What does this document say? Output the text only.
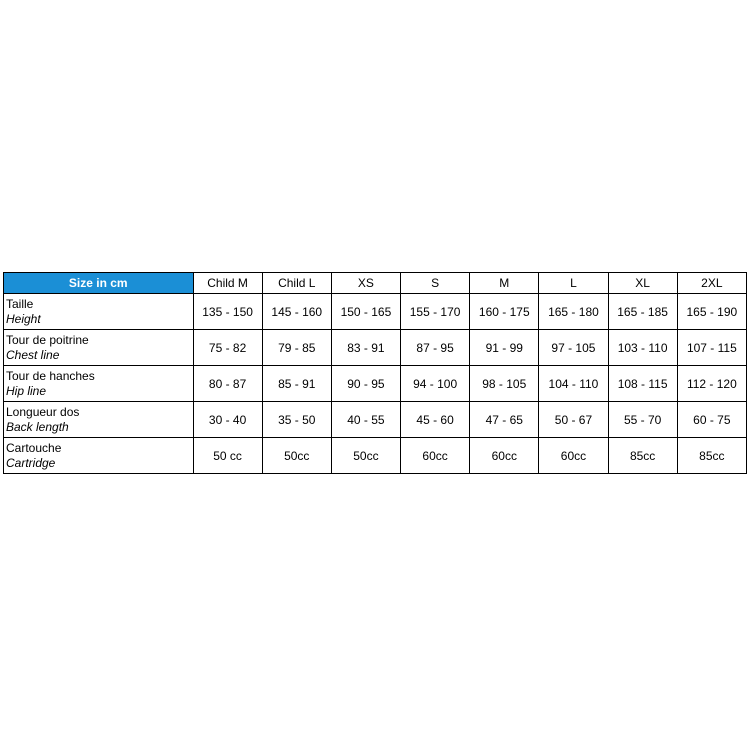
Size in cm	Child M	Child L	XS	S	M	L	XL	2XL

Taille
Height	135 - 150	145 - 160	150 - 165	155 - 170	160 - 175	165 - 180	165 - 185	165 - 190

Tour de poitrine
Chest line	75 - 82	79 - 85	83 - 91	87 - 95	91 - 99	97 - 105	103 - 110	107 - 115

Tour de hanches
Hip line	80 - 87	85 - 91	90 - 95	94 - 100	98 - 105	104 - 110	108 - 115	112 - 120

Longueur dos
Back length	30 - 40	35 - 50	40 - 55	45 - 60	47 - 65	50 - 67	55 - 70	60 - 75

Cartouche
Cartridge	50 cc	50cc	50cc	60cc	60cc	60cc	85cc	85cc
